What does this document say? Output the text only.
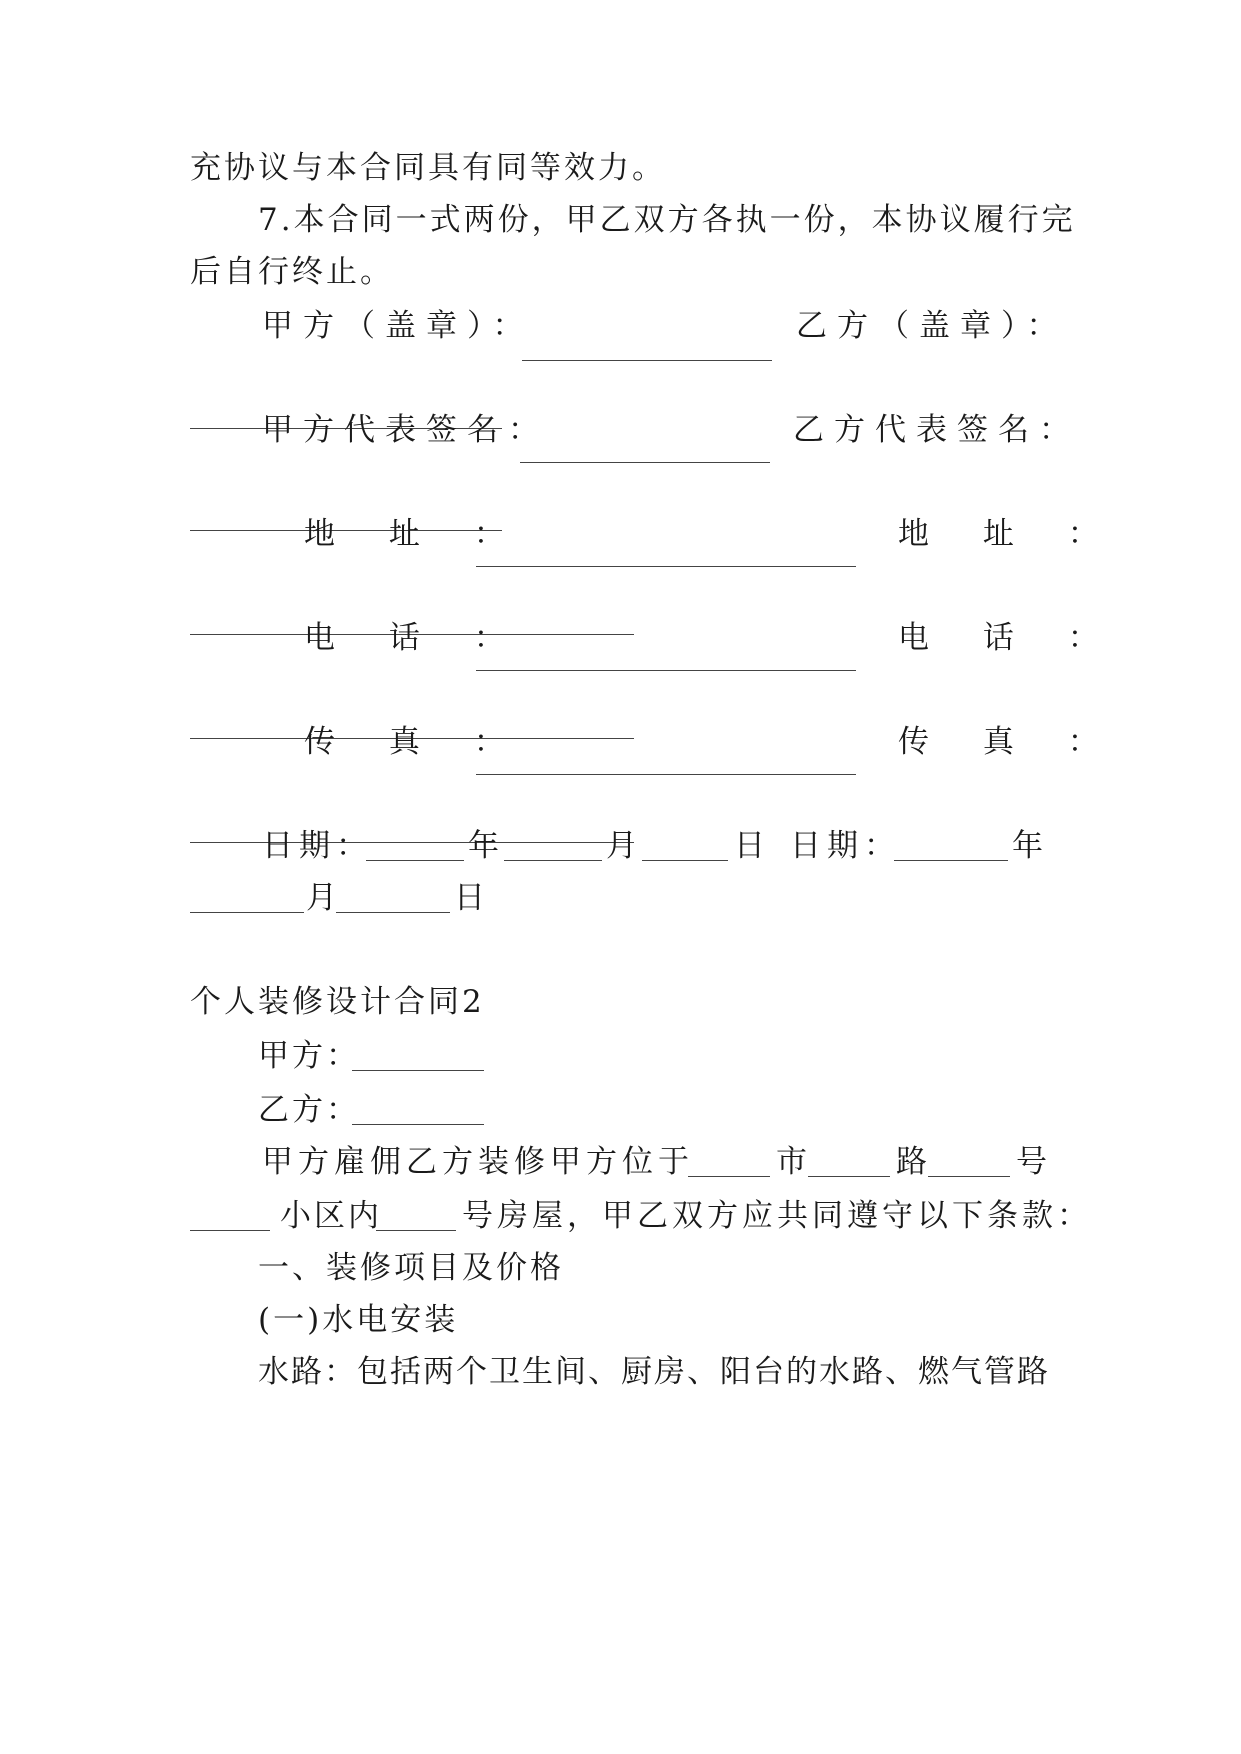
充协议与本合同具有同等效力。
7.本合同一式两份，甲乙双方各执一份，本协议履行完
后自行终止。
甲方（盖章）：	乙方（盖章）：
甲方代表签名：	乙方代表签名：
地 址 ：	地 址 ：
电 话 ：	电 话 ：
传 真 ：	传 真 ：
日期：	年	月	日 日期：	年
月	日
个人装修设计合同2
甲方：
乙方：
甲方雇佣乙方装修甲方位于	市	路	号
小区内	号房屋，甲乙双方应共同遵守以下条款：
一、装修项目及价格
(一)水电安装
水路：包括两个卫生间、厨房、阳台的水路、燃气管路
